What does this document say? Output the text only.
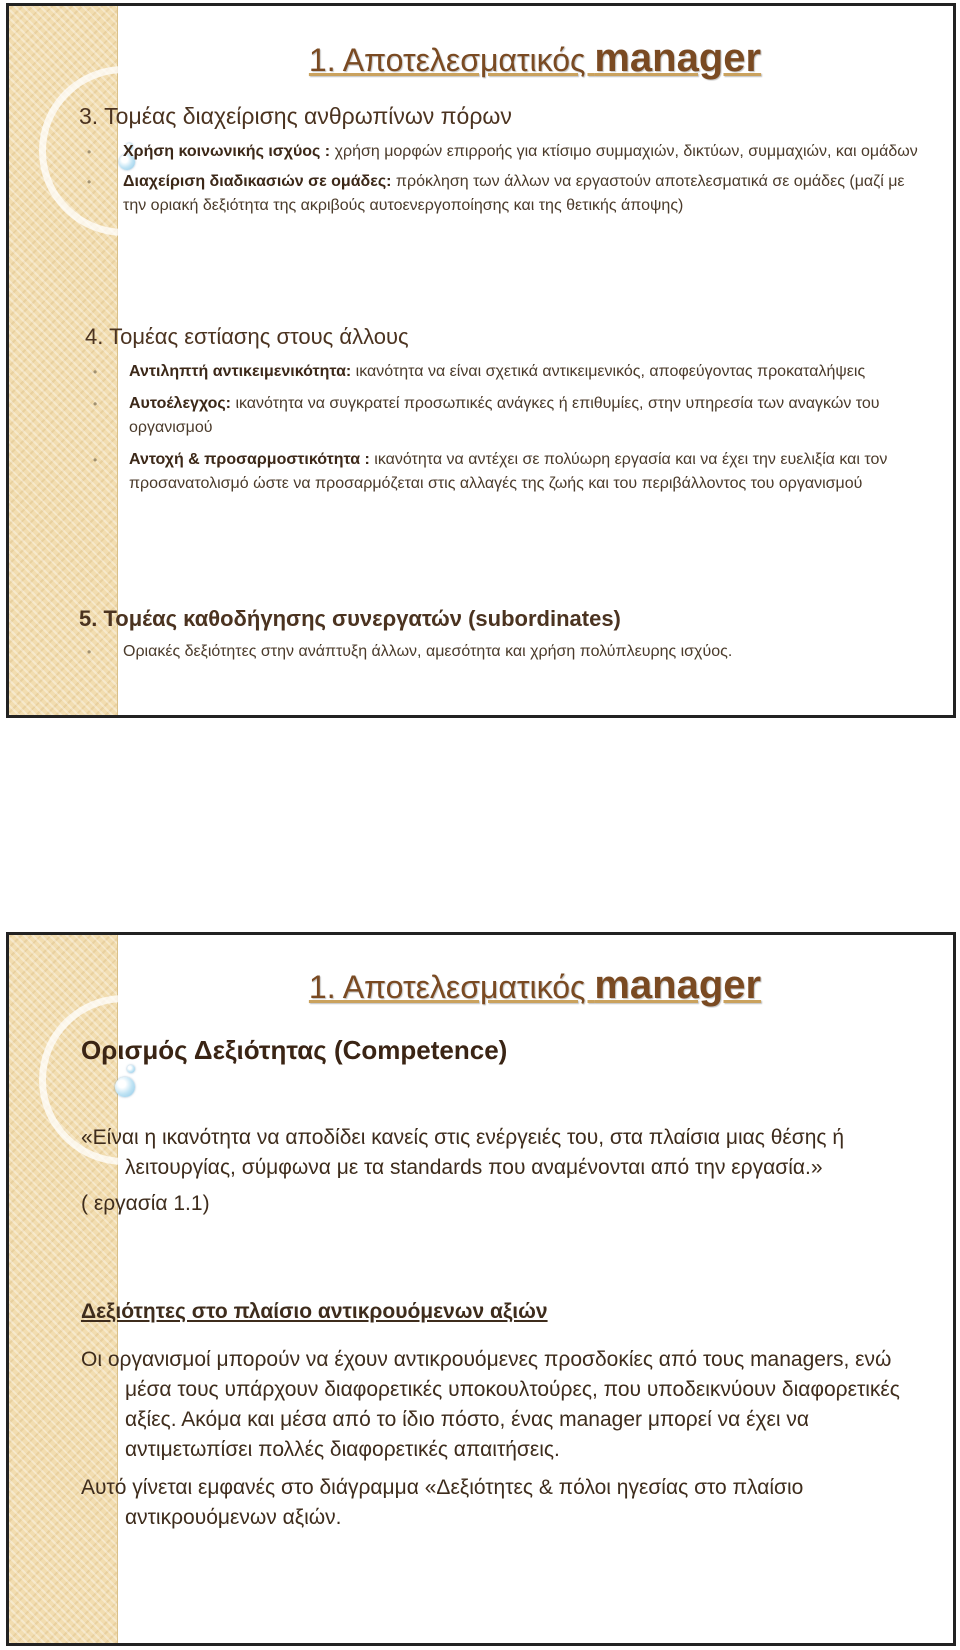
1. Αποτελεσματικός manager

3. Τομέας διαχείρισης ανθρωπίνων πόρων

• Χρήση κοινωνικής ισχύος : χρήση μορφών επιρροής για κτίσιμο συμμαχιών, δικτύων, συμμαχιών, και ομάδων
• Διαχείριση διαδικασιών σε ομάδες: πρόκληση των άλλων να εργαστούν αποτελεσματικά σε ομάδες (μαζί με την οριακή δεξιότητα της ακριβούς αυτοενεργοποίησης και της θετικής άποψης)

4. Τομέας εστίασης στους άλλους

• Αντιληπτή αντικειμενικότητα: ικανότητα να είναι σχετικά αντικειμενικός, αποφεύγοντας προκαταλήψεις
• Αυτοέλεγχος: ικανότητα να συγκρατεί προσωπικές ανάγκες ή επιθυμίες, στην υπηρεσία των αναγκών του οργανισμού
• Αντοχή & προσαρμοστικότητα : ικανότητα να αντέχει σε πολύωρη εργασία και να έχει την ευελιξία και τον προσανατολισμό ώστε να προσαρμόζεται στις αλλαγές της ζωής και του περιβάλλοντος του οργανισμού

5. Τομέας καθοδήγησης συνεργατών (subordinates)

• Οριακές δεξιότητες στην ανάπτυξη άλλων, αμεσότητα και χρήση πολύπλευρης ισχύος.
1. Αποτελεσματικός manager

Ορισμός Δεξιότητας (Competence)

«Είναι η ικανότητα να αποδίδει κανείς στις ενέργειές του, στα πλαίσια μιας θέσης ή λειτουργίας, σύμφωνα με τα standards που αναμένονται από την εργασία.»

( εργασία 1.1)

Δεξιότητες στο πλαίσιο αντικρουόμενων αξιών

Οι οργανισμοί μπορούν να έχουν αντικρουόμενες προσδοκίες από τους managers, ενώ μέσα τους υπάρχουν διαφορετικές υποκουλτούρες, που υποδεικνύουν διαφορετικές αξίες. Ακόμα και μέσα από το ίδιο πόστο, ένας manager μπορεί να έχει να αντιμετωπίσει πολλές διαφορετικές απαιτήσεις.

Αυτό γίνεται εμφανές στο διάγραμμα «Δεξιότητες & πόλοι ηγεσίας στο πλαίσιο αντικρουόμενων αξιών.
